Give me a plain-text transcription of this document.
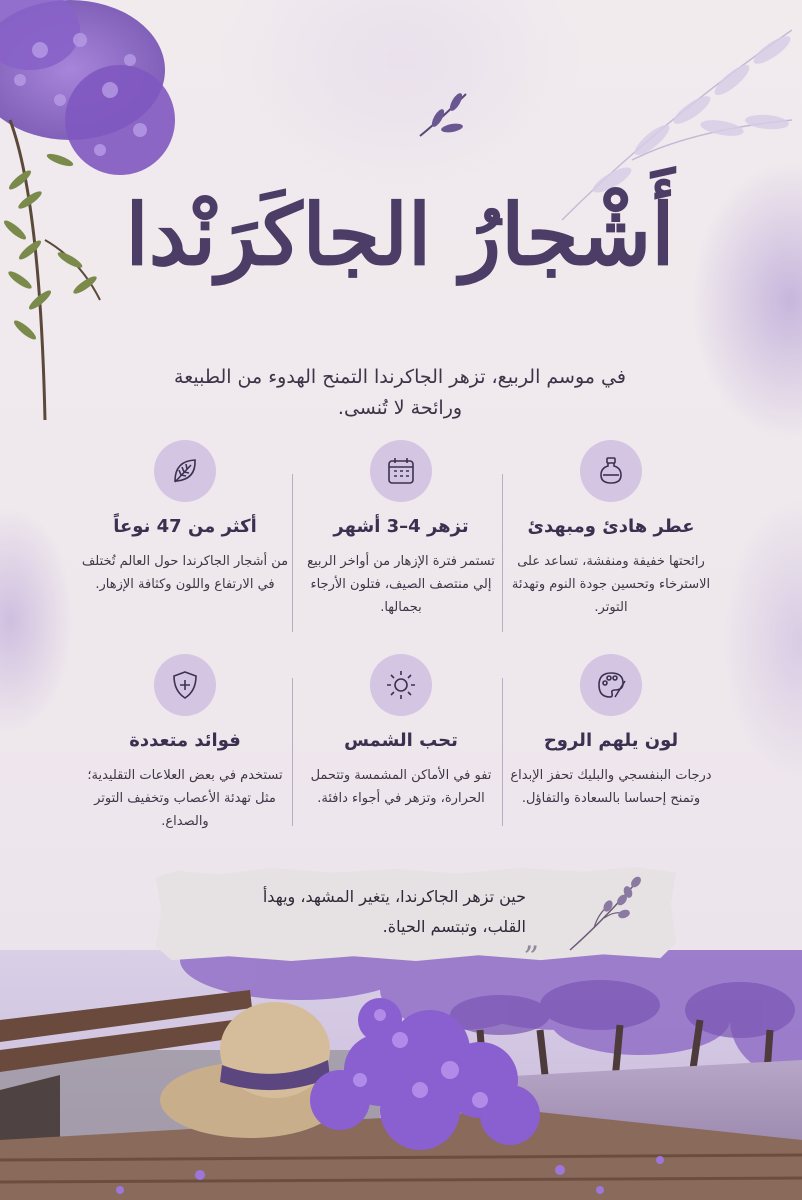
أَشْجارُ الجاكَرَنْدا

في موسم الربيع، تزهر الجاكرندا التمنح الهدوء من الطبيعة ورائحة لا تُنسى.

عطر هادئ ومبهدئ

رائحتها خفيفة ومنفشة، تساعد على الاسترخاء وتحسين جودة النوم وتهدئة التوتر.

تزهر 4–3 أشهر

تستمر فترة الإزهار من أواخر الربيع إلي منتصف الصيف، فتلون الأرجاء بجمالها.

أكثر من 47 نوعاً

من أشجار الجاكرندا حول العالم تُختلف في الارتفاع واللون وكثافة الإزهار.

لون يلهم الروح

درجات البنفسجي والبليك تحفز الإبداع وتمنح إحساسا بالسعادة والتفاؤل.

تحب الشمس

تفو في الأماكن المشمسة وتتحمل الحرارة، وتزهر في أجواء دافئة.

فوائد متعددة

تستخدم في بعض العلاعات التقليدية؛ مثل تهدئة الأعصاب وتخفيف التوتر والصداع.

حين تزهر الجاكرندا، يتغير المشهد، ويهدأ القلب، وتبتسم الحياة.

„
